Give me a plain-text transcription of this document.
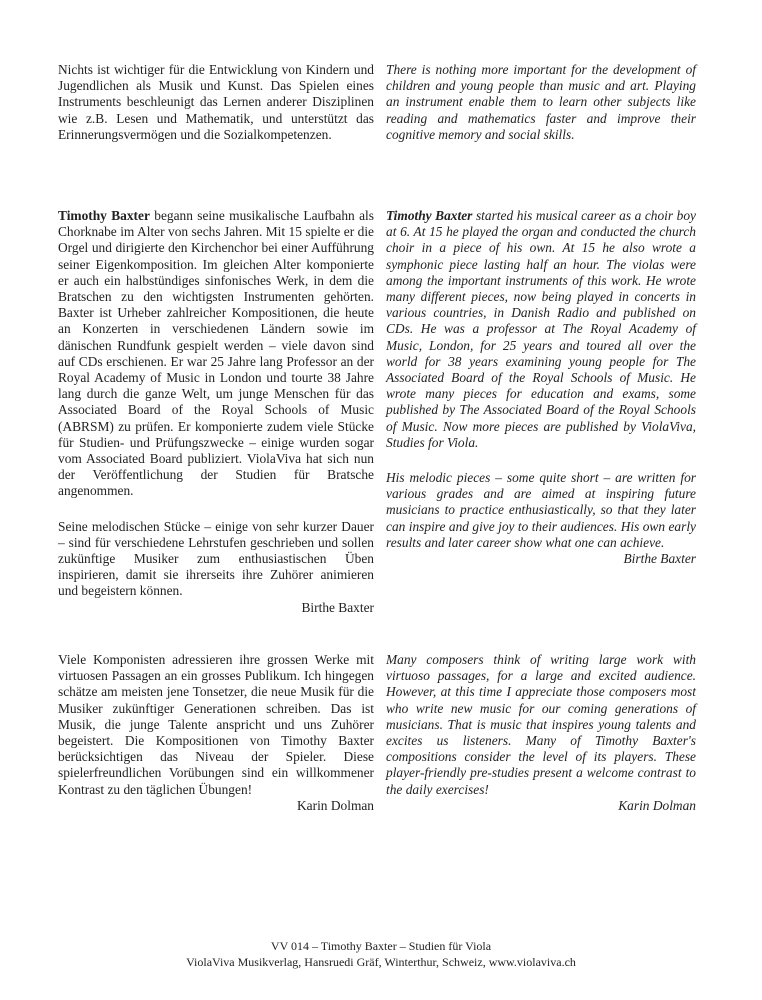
Nichts ist wichtiger für die Entwicklung von Kindern und Jugendlichen als Musik und Kunst. Das Spielen eines Instruments beschleunigt das Lernen anderer Disziplinen wie z.B. Lesen und Mathematik, und unterstützt das Erinnerungsvermögen und die Sozialkompetenzen.

There is nothing more important for the development of children and young people than music and art. Playing an instrument enable them to learn other subjects like reading and mathematics faster and improve their cognitive memory and social skills.

Timothy Baxter begann seine musikalische Laufbahn als Chorknabe im Alter von sechs Jahren. Mit 15 spielte er die Orgel und dirigierte den Kirchenchor bei einer Aufführung seiner Eigenkomposition. Im gleichen Alter komponierte er auch ein halbstündiges sinfonisches Werk, in dem die Bratschen zu den wichtigsten Instrumenten gehörten. Baxter ist Urheber zahlreicher Kompositionen, die heute an Konzerten in verschiedenen Ländern sowie im dänischen Rundfunk gespielt werden – viele davon sind auf CDs erschienen. Er war 25 Jahre lang Professor an der Royal Academy of Music in London und tourte 38 Jahre lang durch die ganze Welt, um junge Menschen für das Associated Board of the Royal Schools of Music (ABRSM) zu prüfen. Er komponierte zudem viele Stücke für Studien- und Prüfungszwecke – einige wurden sogar vom Associated Board publiziert. ViolaViva hat sich nun der Veröffentlichung der Studien für Bratsche angenommen.

Seine melodischen Stücke – einige von sehr kurzer Dauer – sind für verschiedene Lehrstufen geschrieben und sollen zukünftige Musiker zum enthusiastischen Üben inspirieren, damit sie ihrerseits ihre Zuhörer animieren und begeistern können.

Birthe Baxter

Timothy Baxter started his musical career as a choir boy at 6. At 15 he played the organ and conducted the church choir in a piece of his own. At 15 he also wrote a symphonic piece lasting half an hour. The violas were among the important instruments of this work. He wrote many different pieces, now being played in concerts in various countries, in Danish Radio and published on CDs. He was a professor at The Royal Academy of Music, London, for 25 years and toured all over the world for 38 years examining young people for The Associated Board of the Royal Schools of Music. He wrote many pieces for education and exams, some published by The Associated Board of the Royal Schools of Music. Now more pieces are published by ViolaViva, Studies for Viola.

His melodic pieces – some quite short – are written for various grades and are aimed at inspiring future musicians to practice enthusiastically, so that they later can inspire and give joy to their audiences. His own early results and later career show what one can achieve.

Birthe Baxter

Viele Komponisten adressieren ihre grossen Werke mit virtuosen Passagen an ein grosses Publikum. Ich hingegen schätze am meisten jene Tonsetzer, die neue Musik für die Musiker zukünftiger Generationen schreiben. Das ist Musik, die junge Talente anspricht und uns Zuhörer begeistert. Die Kompositionen von Timothy Baxter berücksichtigen das Niveau der Spieler. Diese spielerfreundlichen Vorübungen sind ein willkommener Kontrast zu den täglichen Übungen!

Karin Dolman

Many composers think of writing large work with virtuoso passages, for a large and excited audience. However, at this time I appreciate those composers most who write new music for our coming generations of musicians. That is music that inspires young talents and excites us listeners. Many of Timothy Baxter's compositions consider the level of its players. These player-friendly pre-studies present a welcome contrast to the daily exercises!

Karin Dolman

VV 014 – Timothy Baxter – Studien für Viola
ViolaViva Musikverlag, Hansruedi Gräf, Winterthur, Schweiz, www.violaviva.ch
